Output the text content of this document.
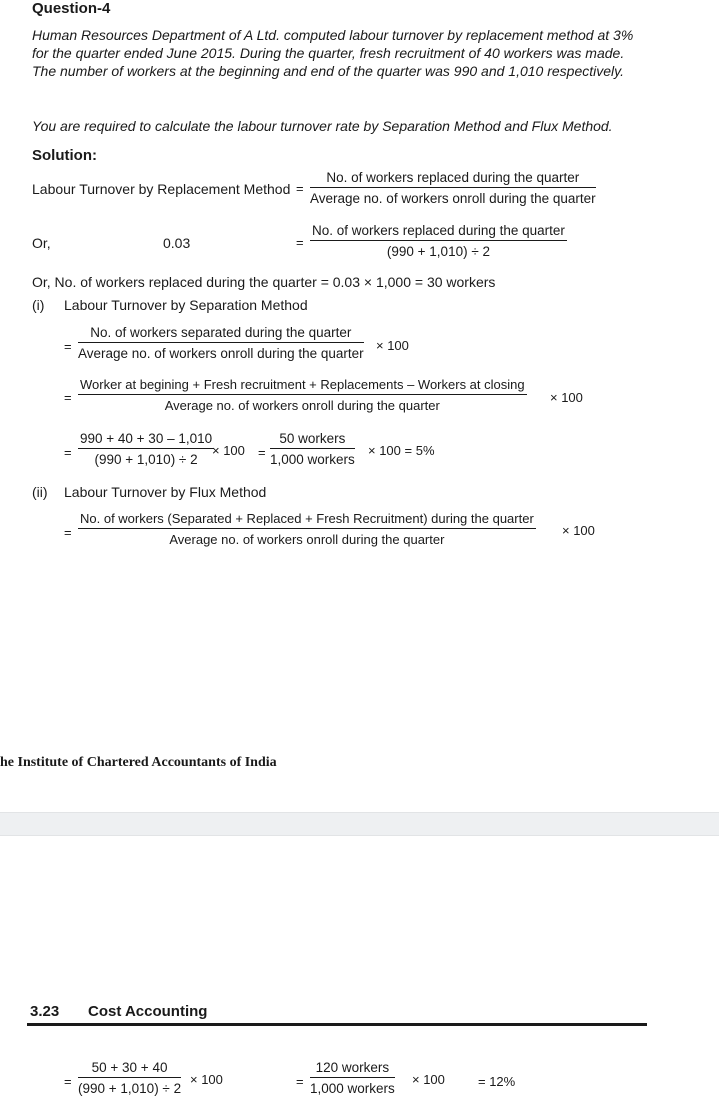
Question-4
Human Resources Department of A Ltd. computed labour turnover by replacement method at 3% for the quarter ended June 2015. During the quarter, fresh recruitment of 40 workers was made. The number of workers at the beginning and end of the quarter was 990 and 1,010 respectively.
You are required to calculate the labour turnover rate by Separation Method and Flux Method.
Solution:
Labour Turnover by Replacement Method =
No. of workers replaced during the quarter
Average no. of workers onroll during the quarter
Or,	0.03	=
No. of workers replaced during the quarter
(990 + 1,010) ÷ 2
Or, No. of workers replaced during the quarter = 0.03 × 1,000 = 30 workers
(i) Labour Turnover by Separation Method
=
No. of workers separated during the quarter
Average no. of workers onroll during the quarter
× 100
=
Worker at begining + Fresh recruitment + Replacements – Workers at closing
Average no. of workers onroll during the quarter
× 100
= $\frac{990 + 40 + 30 - 1,010}{(990 + 1,010) \div 2}$
× 100 =
50 workers
1,000 workers
× 100 = 5%
(ii) Labour Turnover by Flux Method
=
No. of workers (Separated + Replaced + Fresh Recruitment) during the quarter
Average no. of workers onroll during the quarter
× 100
he Institute of Chartered Accountants of India
3.23 Cost Accounting
= $\frac{50 + 30 + 40}{(990 + 1,010) \div 2} \times 100$	=
120 workers
1,000 workers
× 100	= 12%
